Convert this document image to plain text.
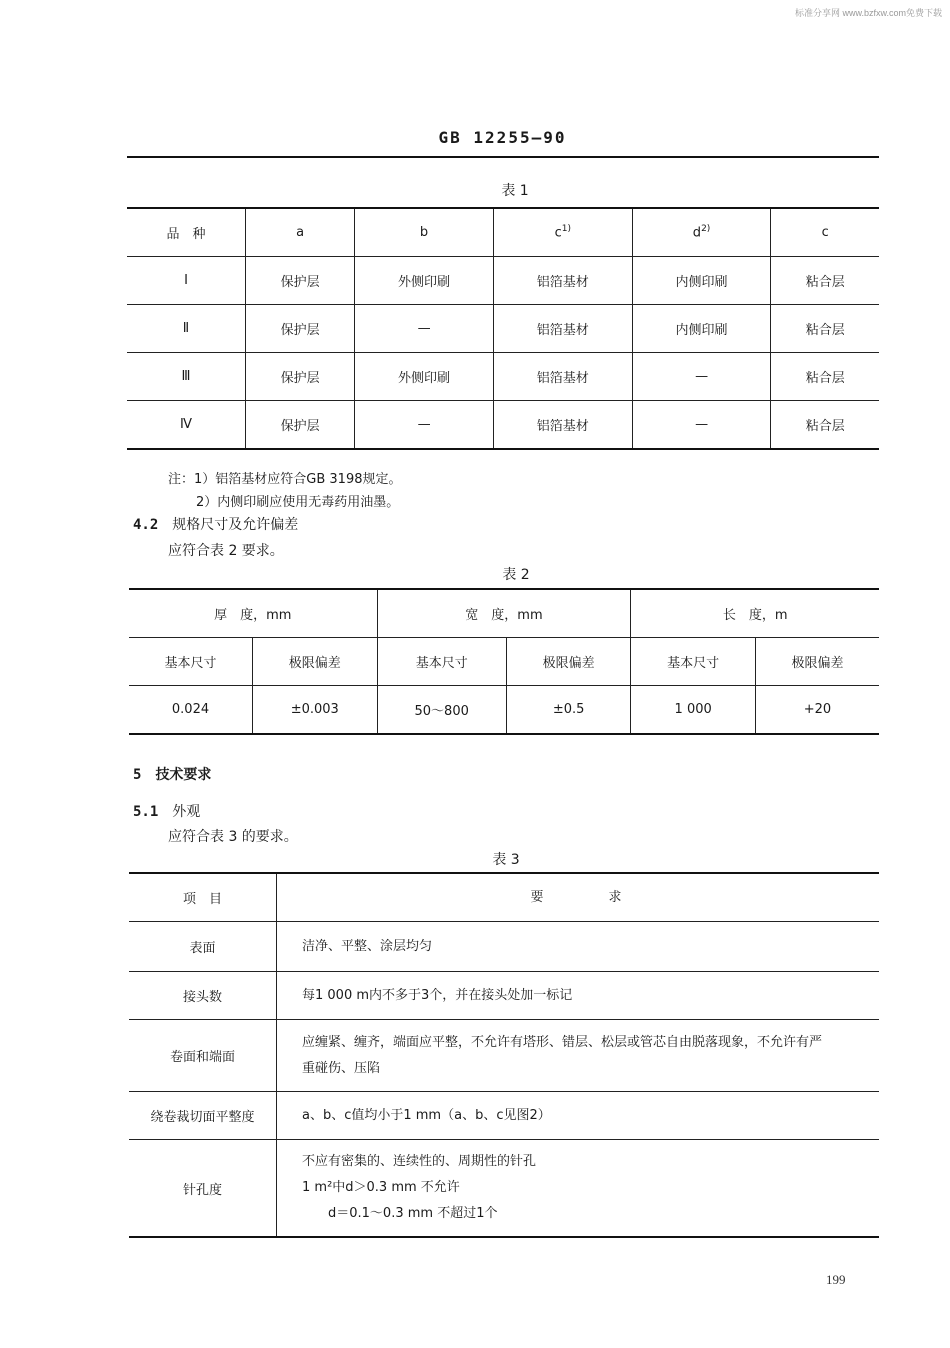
标准分享网 www.bzfxw.com免费下载
GB 12255—90
表 1
品　种	a	b	$c^{1)}$	$d^{2)}$	c
Ⅰ	保护层	外侧印刷	铝箔基材	内侧印刷	粘合层
Ⅱ	保护层	—	铝箔基材	内侧印刷	粘合层
Ⅲ	保护层	外侧印刷	铝箔基材	—	粘合层
Ⅳ	保护层	—	铝箔基材	—	粘合层
注：1）铝箔基材应符合GB 3198规定。
2）内侧印刷应使用无毒药用油墨。
4.2 规格尺寸及允许偏差
应符合表 2 要求。
表 2
厚　度，mm		宽　度，mm		长　度，m	
基本尺寸	极限偏差	基本尺寸	极限偏差	基本尺寸	极限偏差
0.024	±0.003	50～800	±0.5	1 000	+20
5 技术要求
5.1 外观
应符合表 3 的要求。
表 3
项　目	要　　　　　求
表面	洁净、平整、涂层均匀

接头数	每1 000 m内不多于3个，并在接头处加一标记

卷面和端面	应缠紧、缠齐，端面应平整，不允许有塔形、错层、松层或管芯自由脱落现象，不允许有严
重碰伤、压陷

绕卷裁切面平整度	a、b、c值均小于1 mm（a、b、c见图2）

针孔度	不应有密集的、连续性的、周期性的针孔
1 m²中d＞0.3 mm 不允许
　　d＝0.1～0.3 mm 不超过1个
199
